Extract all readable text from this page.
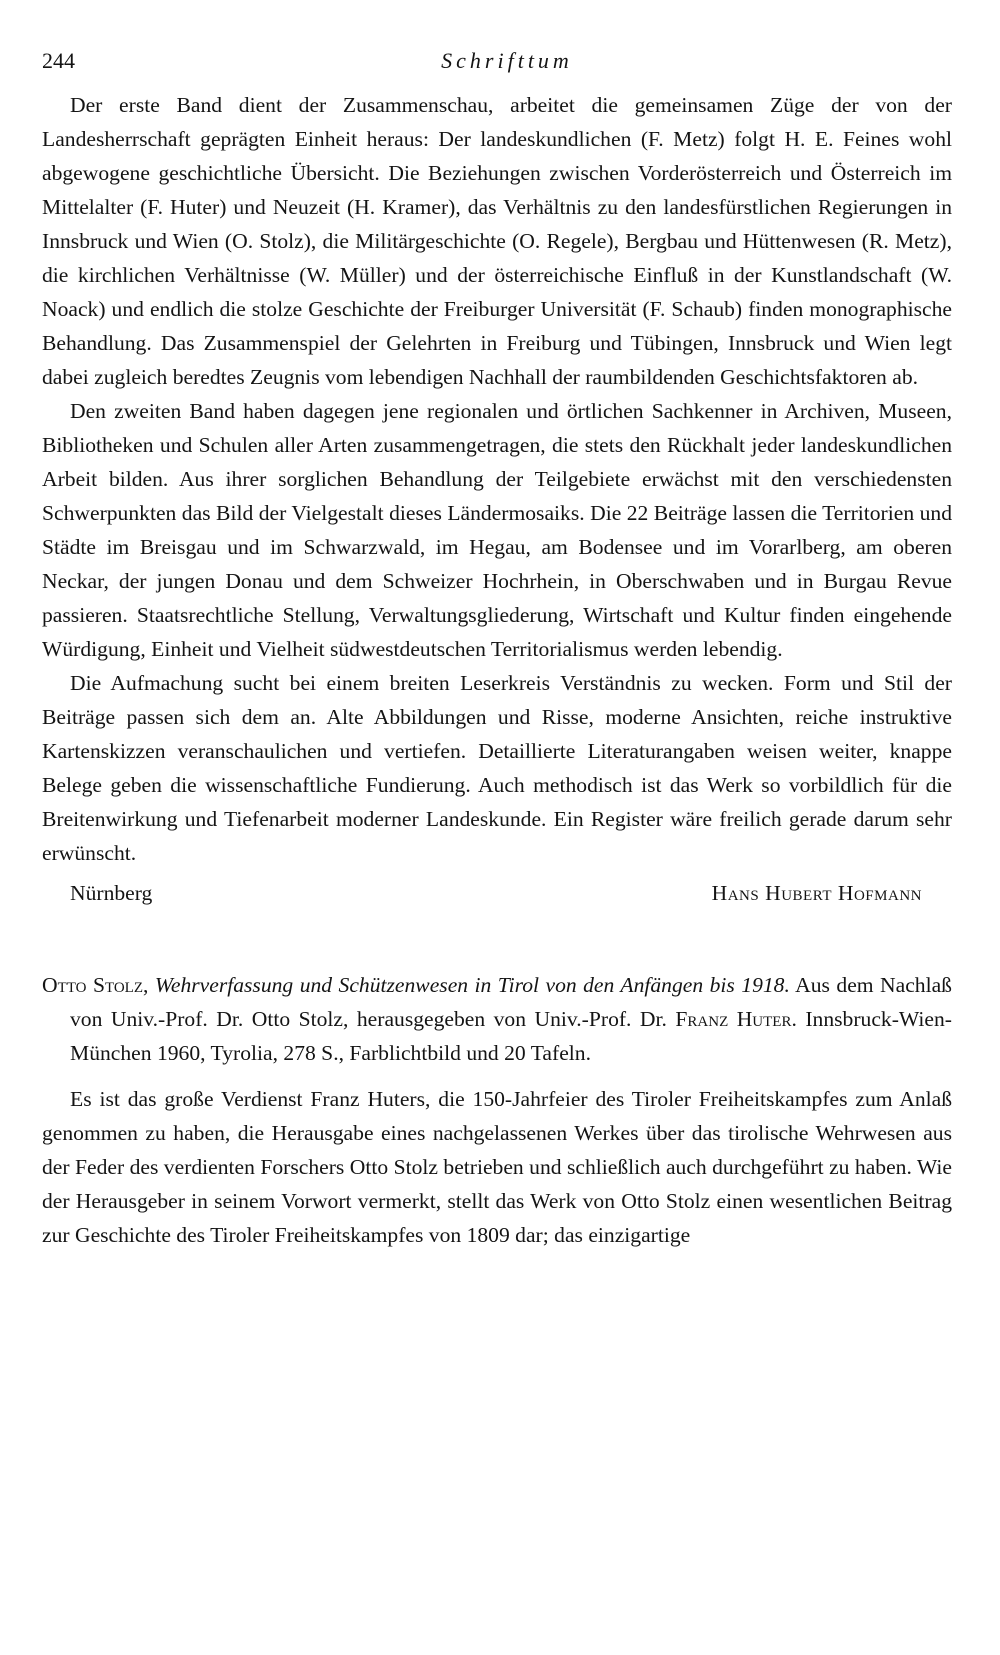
244	Schrifttum

Der erste Band dient der Zusammenschau, arbeitet die gemeinsamen Züge der von der Landesherrschaft geprägten Einheit heraus: Der landeskundlichen (F. Metz) folgt H. E. Feines wohl abgewogene geschichtliche Übersicht. Die Beziehungen zwischen Vorderösterreich und Österreich im Mittelalter (F. Huter) und Neuzeit (H. Kramer), das Verhältnis zu den landesfürstlichen Regierungen in Innsbruck und Wien (O. Stolz), die Militärgeschichte (O. Regele), Bergbau und Hüttenwesen (R. Metz), die kirchlichen Verhältnisse (W. Müller) und der österreichische Einfluß in der Kunstlandschaft (W. Noack) und endlich die stolze Geschichte der Freiburger Universität (F. Schaub) finden monographische Behandlung. Das Zusammenspiel der Gelehrten in Freiburg und Tübingen, Innsbruck und Wien legt dabei zugleich beredtes Zeugnis vom lebendigen Nachhall der raumbildenden Geschichtsfaktoren ab.

Den zweiten Band haben dagegen jene regionalen und örtlichen Sachkenner in Archiven, Museen, Bibliotheken und Schulen aller Arten zusammengetragen, die stets den Rückhalt jeder landeskundlichen Arbeit bilden. Aus ihrer sorglichen Behandlung der Teilgebiete erwächst mit den verschiedensten Schwerpunkten das Bild der Vielgestalt dieses Ländermosaiks. Die 22 Beiträge lassen die Territorien und Städte im Breisgau und im Schwarzwald, im Hegau, am Bodensee und im Vorarlberg, am oberen Neckar, der jungen Donau und dem Schweizer Hochrhein, in Oberschwaben und in Burgau Revue passieren. Staatsrechtliche Stellung, Verwaltungsgliederung, Wirtschaft und Kultur finden eingehende Würdigung, Einheit und Vielheit südwestdeutschen Territorialismus werden lebendig.

Die Aufmachung sucht bei einem breiten Leserkreis Verständnis zu wecken. Form und Stil der Beiträge passen sich dem an. Alte Abbildungen und Risse, moderne Ansichten, reiche instruktive Kartenskizzen veranschaulichen und vertiefen. Detaillierte Literaturangaben weisen weiter, knappe Belege geben die wissenschaftliche Fundierung. Auch methodisch ist das Werk so vorbildlich für die Breitenwirkung und Tiefenarbeit moderner Landeskunde. Ein Register wäre freilich gerade darum sehr erwünscht.

Nürnberg	Hans Hubert Hofmann

Otto Stolz, Wehrverfassung und Schützenwesen in Tirol von den Anfängen bis 1918. Aus dem Nachlaß von Univ.-Prof. Dr. Otto Stolz, herausgegeben von Univ.-Prof. Dr. Franz Huter. Innsbruck-Wien-München 1960, Tyrolia, 278 S., Farblichtbild und 20 Tafeln.

Es ist das große Verdienst Franz Huters, die 150-Jahrfeier des Tiroler Freiheitskampfes zum Anlaß genommen zu haben, die Herausgabe eines nachgelassenen Werkes über das tirolische Wehrwesen aus der Feder des verdienten Forschers Otto Stolz betrieben und schließlich auch durchgeführt zu haben. Wie der Herausgeber in seinem Vorwort vermerkt, stellt das Werk von Otto Stolz einen wesentlichen Beitrag zur Geschichte des Tiroler Freiheitskampfes von 1809 dar; das einzigartige
